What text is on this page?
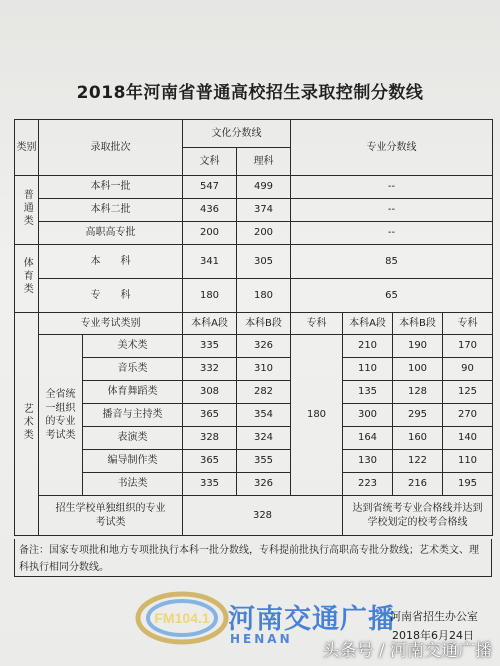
2018年河南省普通高校招生录取控制分数线
类别	录取批次		文化分数线		专业分数线			
			文科	理科				
普通类	本科一批		547	499	--			
	本科二批		436	374	--			
	高职高专批		200	200	--			
体育类	本　　科		341	305	85			
	专　　科		180	180	65			
艺术类	专业考试类别		本科A段	本科B段	专科	本科A段	本科B段	专科
	全省统一组织的专业考试类	美术类	335	326	180	210	190	170
		音乐类	332	310		110	100	90
		体育舞蹈类	308	282		135	128	125
		播音与主持类	365	354		300	295	270
		表演类	328	324		164	160	140
		编导制作类	365	355		130	122	110
		书法类	335	326		223	216	195
	招生学校单独组织的专业考试类		328			达到省统考专业合格线并达到学校划定的校考合格线		
备注：国家专项批和地方专项批执行本科一批分数线，专科提前批执行高职高专批分数线；艺术类文、理科执行相同分数线。
FM104.1 河南交通广播
HENAN
河南省招生办公室
2018年6月24日
头条号 / 河南交通广播
